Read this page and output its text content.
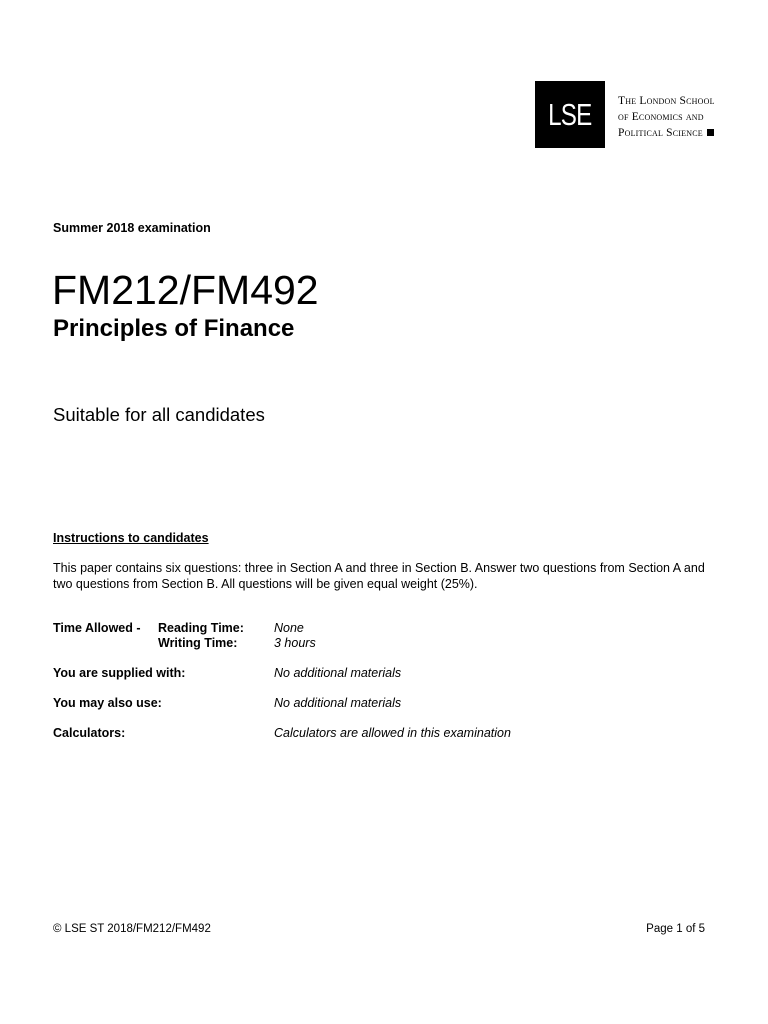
LSE The London School
of Economics and
Political Science
Summer 2018 examination
FM212/FM492
Principles of Finance
Suitable for all candidates
Instructions to candidates
This paper contains six questions: three in Section A and three in Section B. Answer two questions from Section A and two questions from Section B. All questions will be given equal weight (25%).
Time Allowed - Reading Time: None
Writing Time:	3 hours
You are supplied with:	No additional materials
You may also use:	No additional materials
Calculators:	Calculators are allowed in this examination
© LSE ST 2018/FM212/FM492	Page 1 of 5
